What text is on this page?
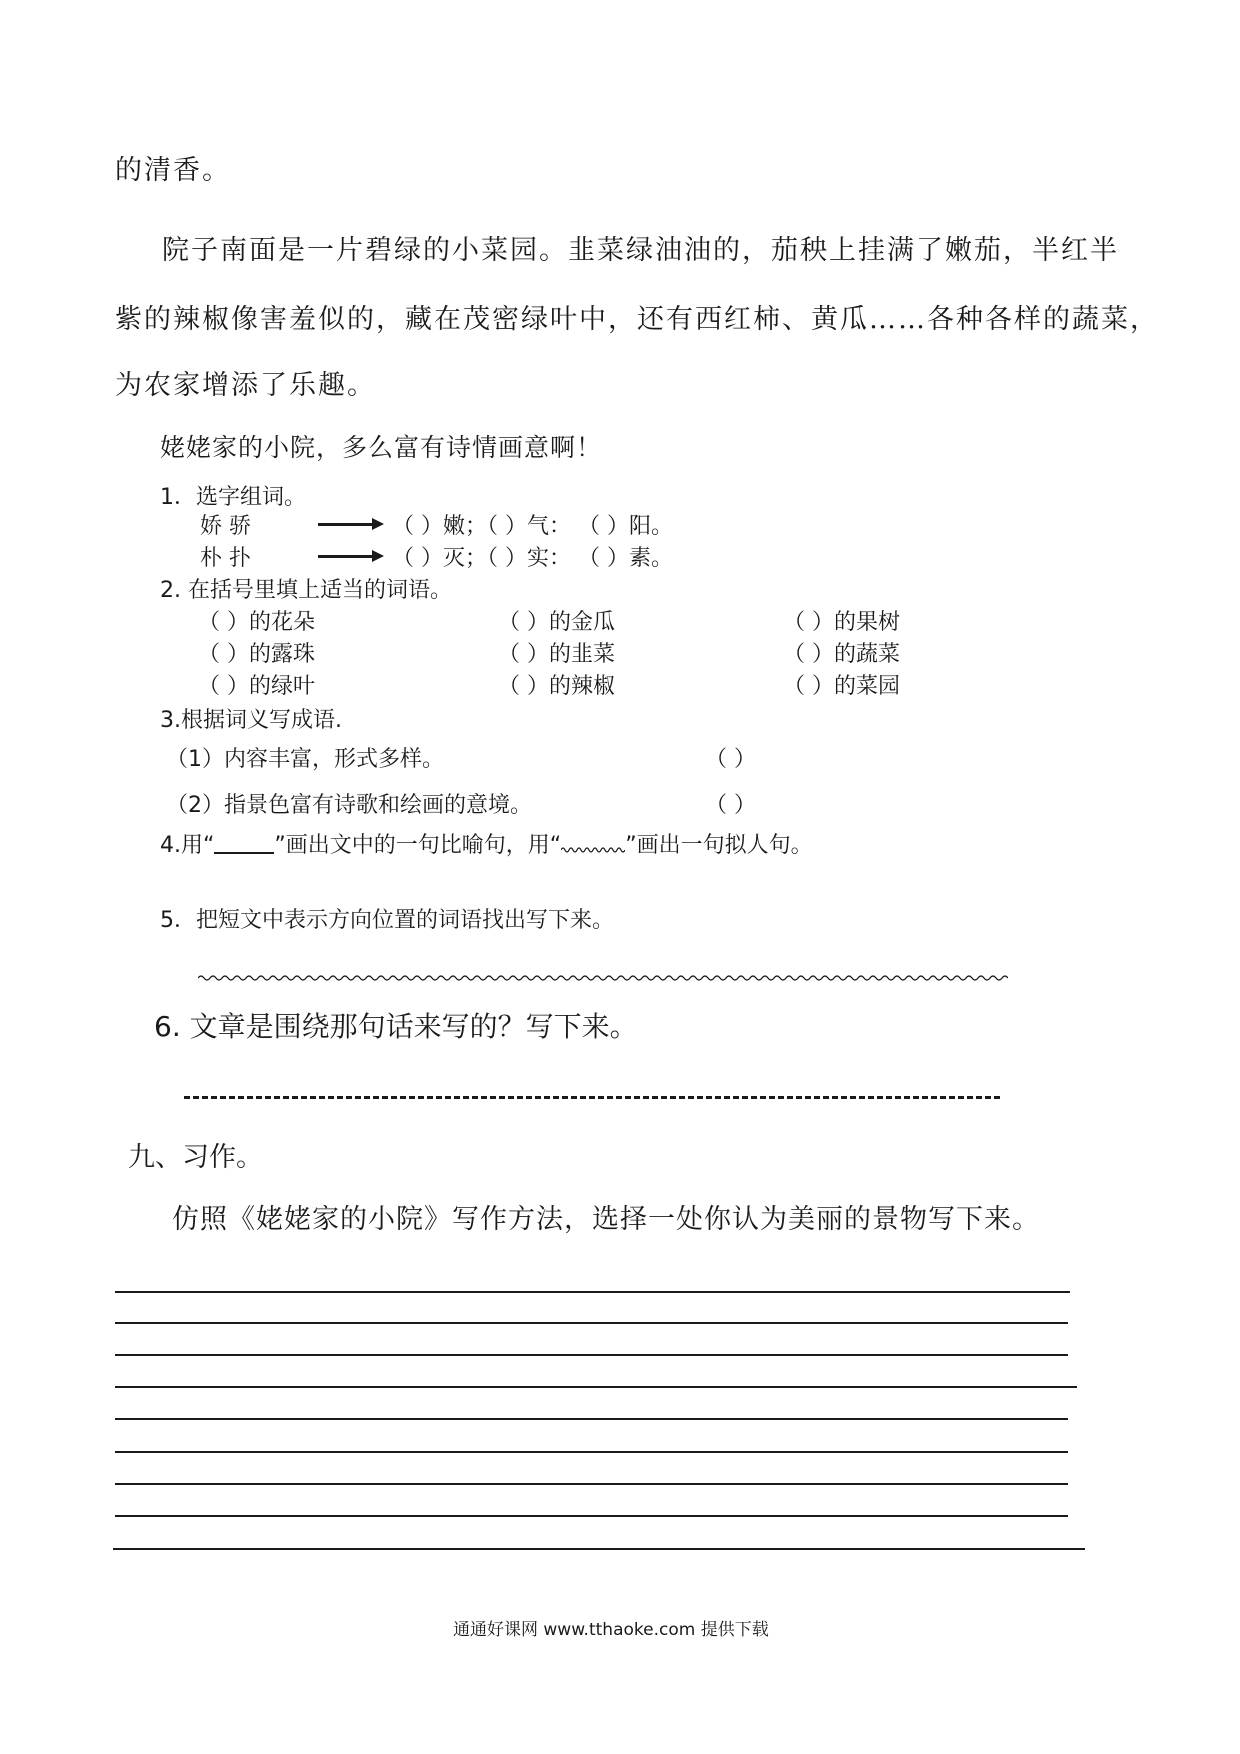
的清香。
院子南面是一片碧绿的小菜园。韭菜绿油油的，茄秧上挂满了嫩茄，半红半
紫的辣椒像害羞似的，藏在茂密绿叶中，还有西红柿、黄瓜……各种各样的蔬菜，
为农家增添了乐趣。
姥姥家的小院，多么富有诗情画意啊！
1．选字组词。
娇 骄	（ ）嫩；（ ）气： （ ）阳。
朴 扑	（ ）灭；（ ）实： （ ）素。
2. 在括号里填上适当的词语。
（ ）的花朵	（ ）的金瓜	（ ）的果树
（ ）的露珠	（ ）的韭菜	（ ）的蔬菜
（ ）的绿叶	（ ）的辣椒	（ ）的菜园
3.根据词义写成语.
（1）内容丰富，形式多样。	（ ）
（2）指景色富有诗歌和绘画的意境。	（ ）
4.用“	”画出文中的一句比喻句，用“	”画出一句拟人句。
5．把短文中表示方向位置的词语找出写下来。
6. 文章是围绕那句话来写的？写下来。
九、习作。
仿照《姥姥家的小院》写作方法，选择一处你认为美丽的景物写下来。
通通好课网 www.tthaoke.com 提供下载
